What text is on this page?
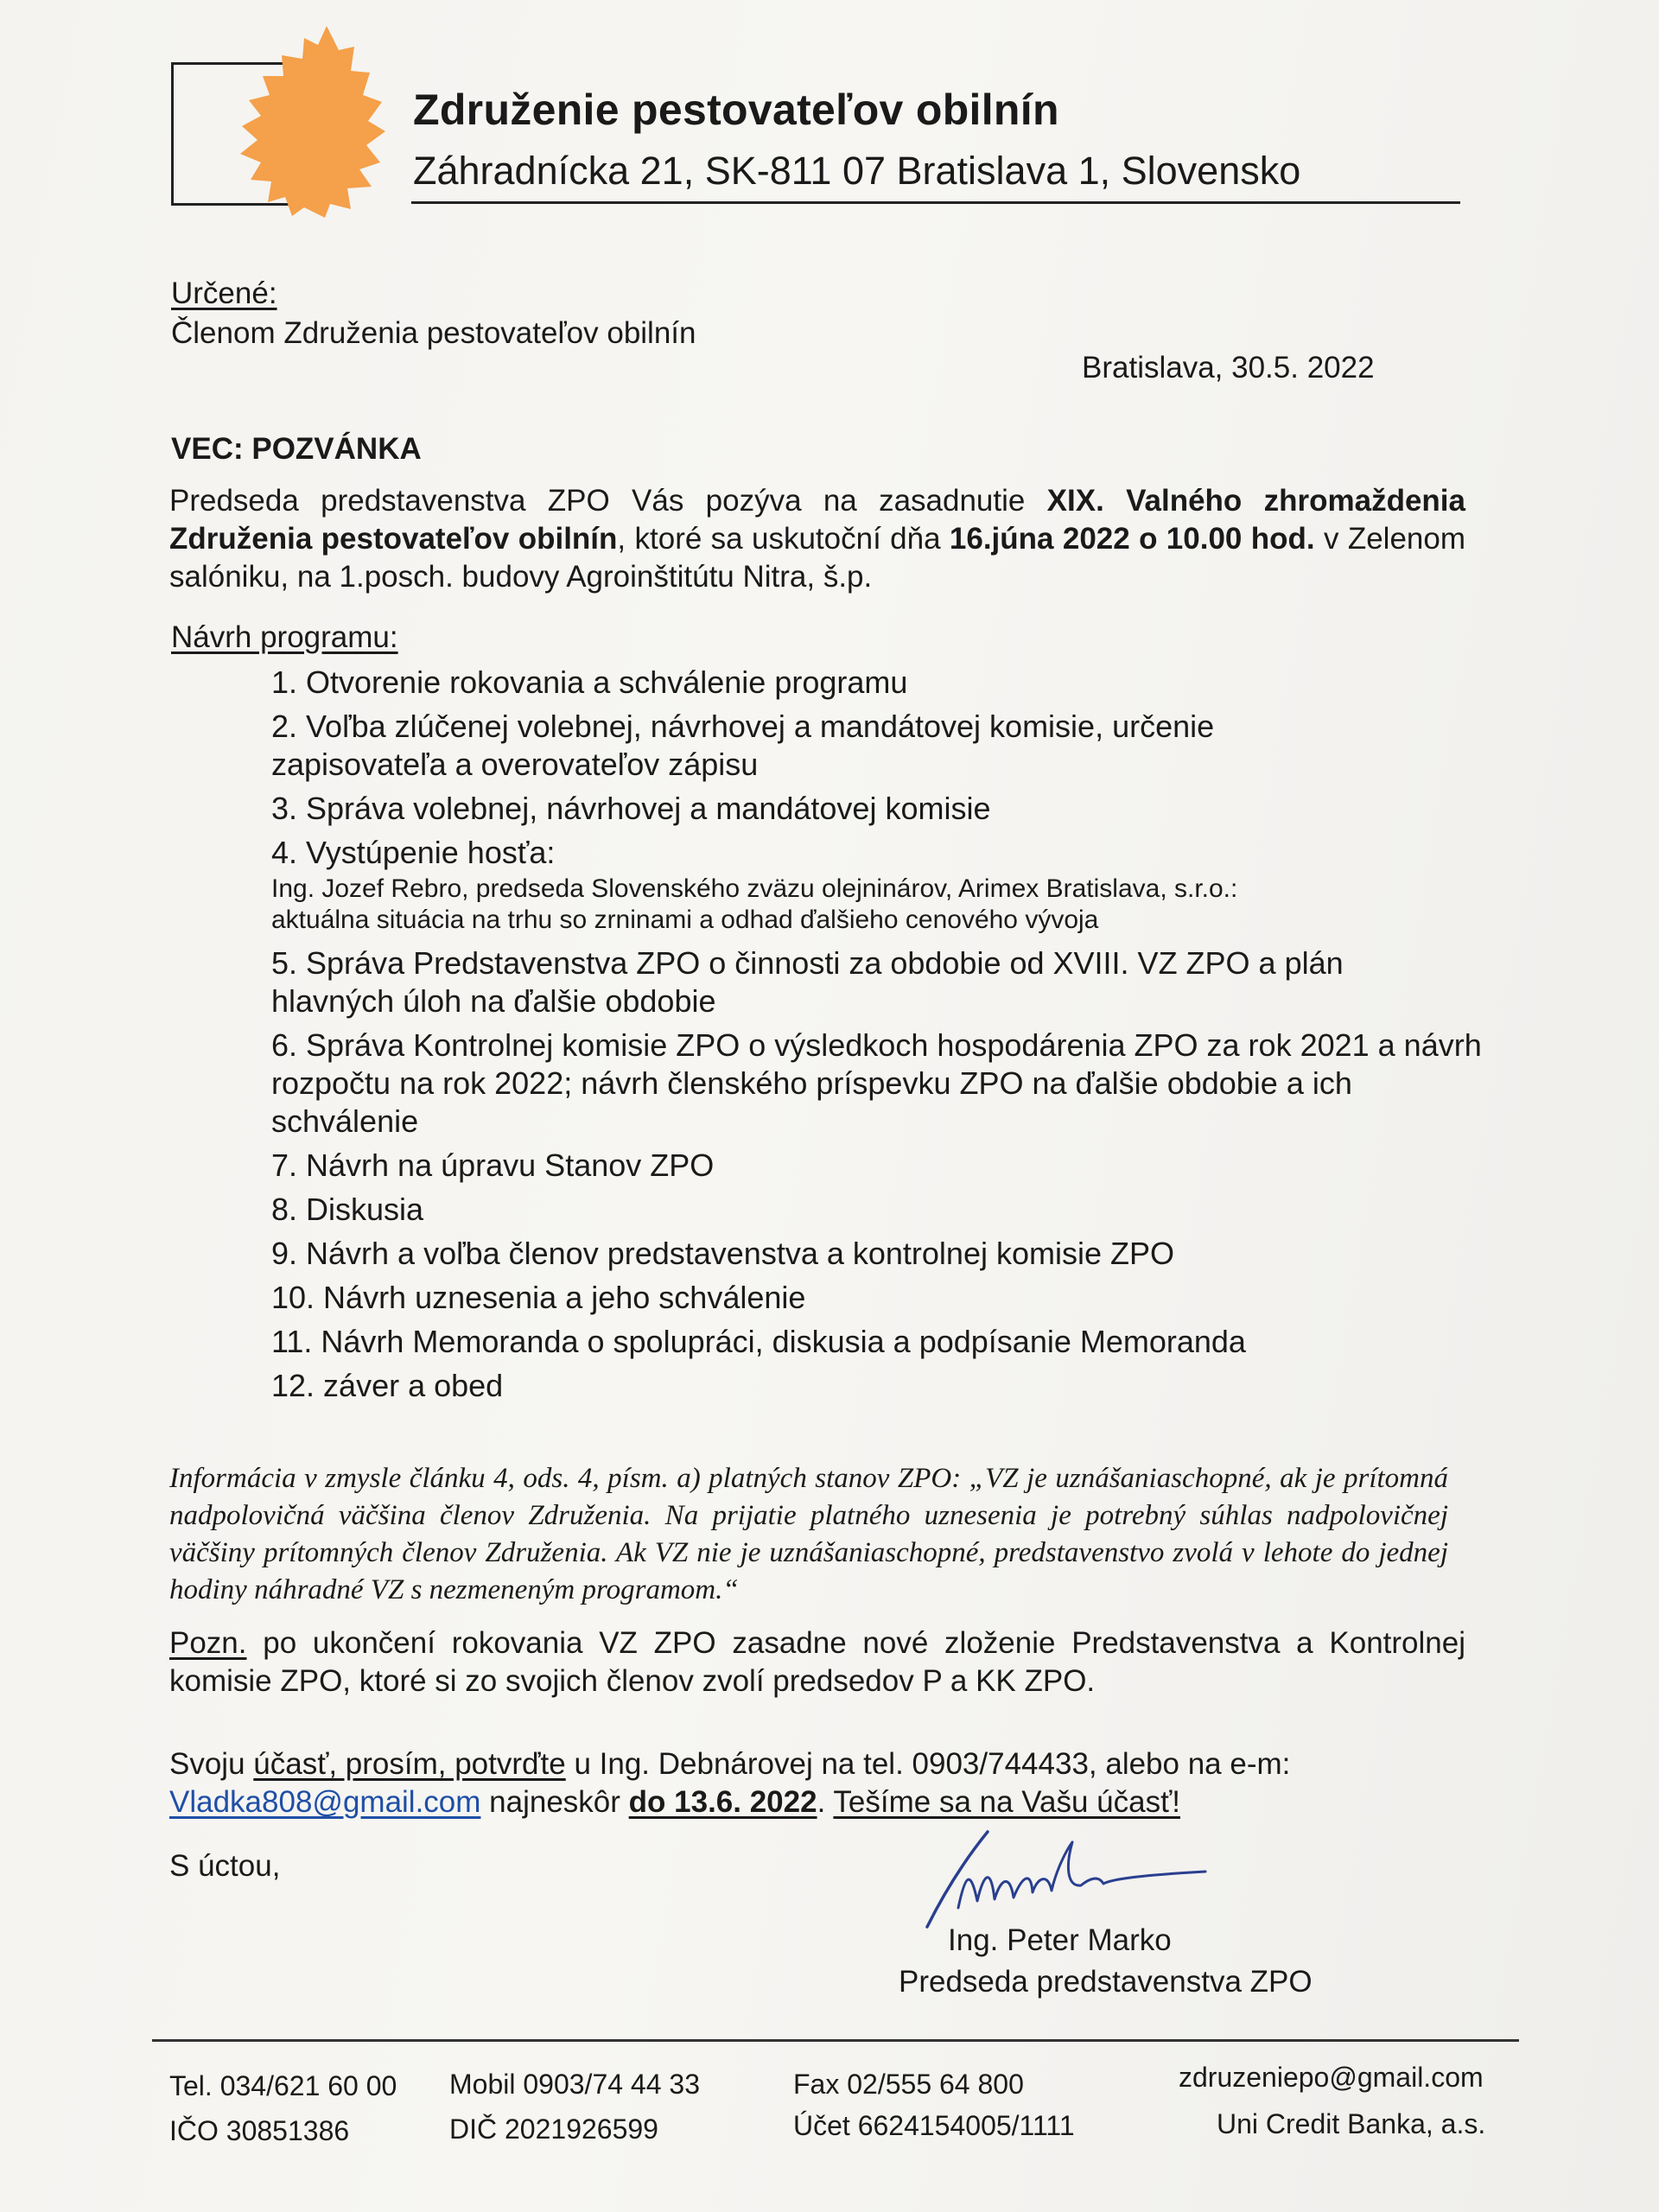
Združenie pestovateľov obilnín
Záhradnícka 21, SK-811 07 Bratislava 1, Slovensko
Určené:
Členom Združenia pestovateľov obilnín
Bratislava, 30.5. 2022
VEC: POZVÁNKA
Predseda predstavenstva ZPO Vás pozýva na zasadnutie XIX. Valného zhromaždenia Združenia pestovateľov obilnín, ktoré sa uskutoční dňa 16.júna 2022 o 10.00 hod. v Zelenom salóniku, na 1.posch. budovy Agroinštitútu Nitra, š.p.
Návrh programu:
1. Otvorenie rokovania a schválenie programu
2. Voľba zlúčenej volebnej, návrhovej a mandátovej komisie, určenie zapisovateľa a overovateľov zápisu
3. Správa volebnej, návrhovej a mandátovej komisie
4. Vystúpenie hosťa:
Ing. Jozef Rebro, predseda Slovenského zväzu olejninárov, Arimex Bratislava, s.r.o.:
aktuálna situácia na trhu so zrninami a odhad ďalšieho cenového vývoja
5. Správa Predstavenstva ZPO o činnosti za obdobie od XVIII. VZ ZPO a plán hlavných úloh na ďalšie obdobie
6. Správa Kontrolnej komisie ZPO o výsledkoch hospodárenia ZPO za rok 2021 a návrh rozpočtu na rok 2022; návrh členského príspevku ZPO na ďalšie obdobie a ich schválenie
7. Návrh na úpravu Stanov ZPO
8. Diskusia
9. Návrh a voľba členov predstavenstva a kontrolnej komisie ZPO
10. Návrh uznesenia a jeho schválenie
11. Návrh Memoranda o spolupráci, diskusia a podpísanie Memoranda
12. záver a obed
Informácia v zmysle článku 4, ods. 4, písm. a) platných stanov ZPO: „VZ je uznášaniaschopné, ak je prítomná nadpolovičná väčšina členov Združenia. Na prijatie platného uznesenia je potrebný súhlas nadpolovičnej väčšiny prítomných členov Združenia. Ak VZ nie je uznášaniaschopné, predstavenstvo zvolá v lehote do jednej hodiny náhradné VZ s nezmeneným programom.“
Pozn. po ukončení rokovania VZ ZPO zasadne nové zloženie Predstavenstva a Kontrolnej komisie ZPO, ktoré si zo svojich členov zvolí predsedov P a KK ZPO.
Svoju účasť, prosím, potvrďte u Ing. Debnárovej na tel. 0903/744433, alebo na e-m:
Vladka808@gmail.com najneskôr do 13.6. 2022. Tešíme sa na Vašu účasť!
S úctou,
Ing. Peter Marko
Predseda predstavenstva ZPO
Tel. 034/621 60 00 Mobil 0903/74 44 33	Fax 02/555 64 800	zdruzeniepo@gmail.com
IČO 30851386	DIČ 2021926599	Účet 6624154005/1111	Uni Credit Banka, a.s.
